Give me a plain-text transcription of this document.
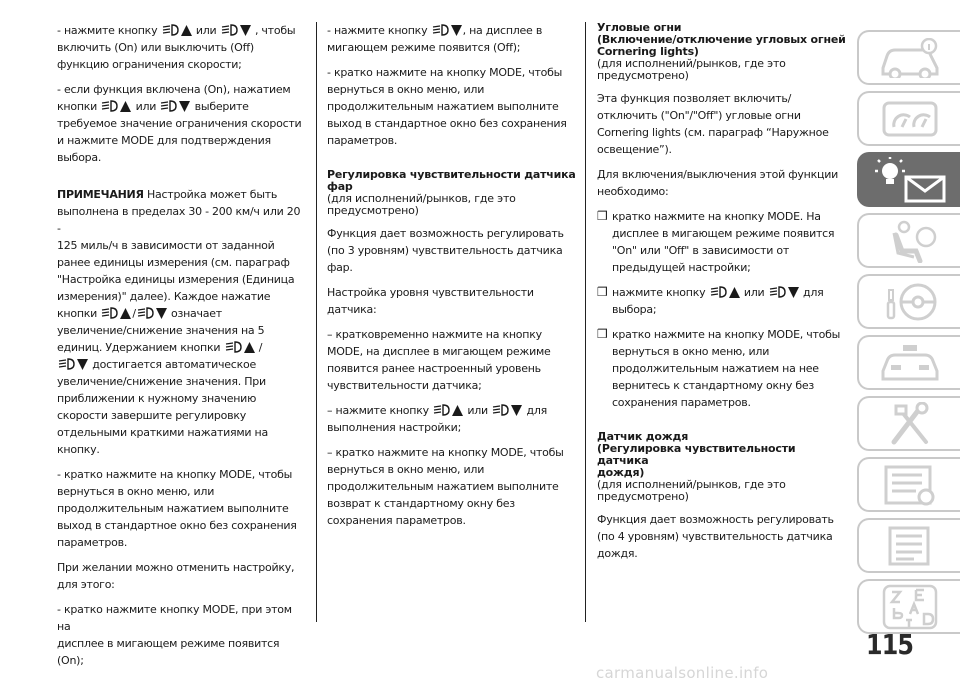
- нажмите кнопку	или	, чтобы
включить (On) или выключить (Off)
функцию ограничения скорости;
- если функция включена (On), нажатием
кнопки	или	выберите
требуемое значение ограничения скорости
и нажмите MODE для подтверждения
выбора.
ПРИМЕЧАНИЯ Настройка может быть
выполнена в пределах 30 - 200 км/ч или 20 -
125 миль/ч в зависимости от заданной
ранее единицы измерения (см. параграф
"Настройка единицы измерения (Единица
измерения)" далее). Каждое нажатие
кнопки	/	означает
увеличение/снижение значения на 5
единиц. Удержанием кнопки	/

достигается автоматическое
увеличение/снижение значения. При
приближении к нужному значению
скорости завершите регулировку
отдельными краткими нажатиями на
кнопку.
- кратко нажмите на кнопку MODE, чтобы
вернуться в окно меню, или
продолжительным нажатием выполните
выход в стандартное окно без сохранения
параметров.
При желании можно отменить настройку,
для этого:
- кратко нажмите кнопку MODE, при этом на
дисплее в мигающем режиме появится
(On);
- нажмите кнопку	, на дисплее в
мигающем режиме появится (Off);
- кратко нажмите на кнопку MODE, чтобы
вернуться в окно меню, или
продолжительным нажатием выполните
выход в стандартное окно без сохранения
параметров.
Регулировка чувствительности датчика
фар
(для исполнений/рынков, где это
предусмотрено)
Функция дает возможность регулировать
(по 3 уровням) чувствительность датчика
фар.
Настройка уровня чувствительности
датчика:
– кратковременно нажмите на кнопку
MODE, на дисплее в мигающем режиме
появится ранее настроенный уровень
чувствительности датчика;
– нажмите кнопку	или	для
выполнения настройки;
– кратко нажмите на кнопку MODE, чтобы
вернуться в окно меню, или
продолжительным нажатием выполните
возврат к стандартному окну без
сохранения параметров.
Угловые огни
(Включение/отключение угловых огней
Cornering lights)
(для исполнений/рынков, где это
предусмотрено)
Эта функция позволяет включить/
отключить ("On"/"Off") угловые огни
Cornering lights (см. параграф “Наружное
освещение”).
Для включения/выключения этой функции
необходимо:
❒ кратко нажмите на кнопку MODE. На
дисплее в мигающем режиме появится
"On" или "Off" в зависимости от
предыдущей настройки;
❒ нажмите кнопку	или	для
выбора;
❒ кратко нажмите на кнопку MODE, чтобы
вернуться в окно меню, или
продолжительным нажатием на нее
вернитесь к стандартному окну без
сохранения параметров.
Датчик дождя
(Регулировка чувствительности датчика
дождя)
(для исполнений/рынков, где это
предусмотрено)
Функция дает возможность регулировать
(по 4 уровням) чувствительность датчика
дождя.
115
carmanualsonline.info
